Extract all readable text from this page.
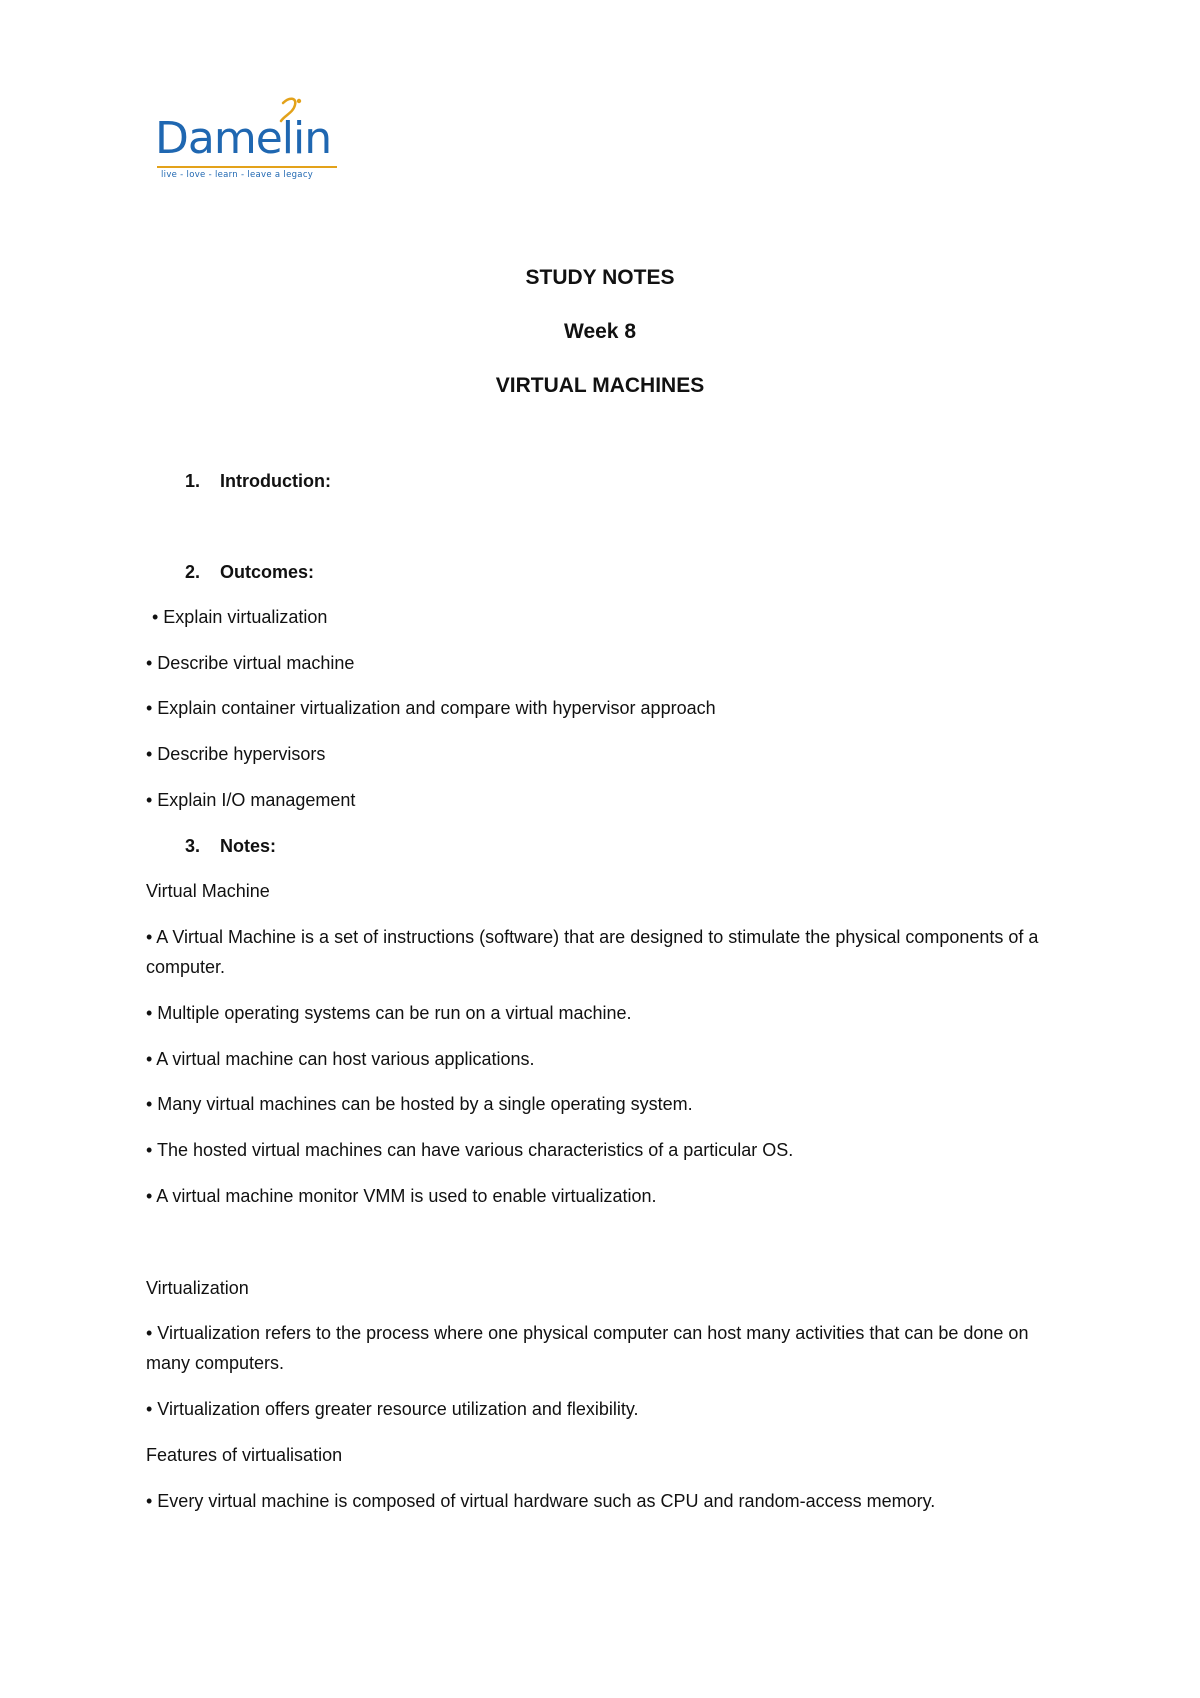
Damelin
live - love - learn - leave a legacy
STUDY NOTES
Week 8
VIRTUAL MACHINES
1. Introduction:
2. Outcomes:
• Explain virtualization
• Describe virtual machine
• Explain container virtualization and compare with hypervisor approach
• Describe hypervisors
• Explain I/O management
3. Notes:
Virtual Machine
• A Virtual Machine is a set of instructions (software) that are designed to stimulate the physical components of a computer.
• Multiple operating systems can be run on a virtual machine.
• A virtual machine can host various applications.
• Many virtual machines can be hosted by a single operating system.
• The hosted virtual machines can have various characteristics of a particular OS.
• A virtual machine monitor VMM is used to enable virtualization.
Virtualization
• Virtualization refers to the process where one physical computer can host many activities that can be done on many computers.
• Virtualization offers greater resource utilization and flexibility.
Features of virtualisation
• Every virtual machine is composed of virtual hardware such as CPU and random-access memory.
